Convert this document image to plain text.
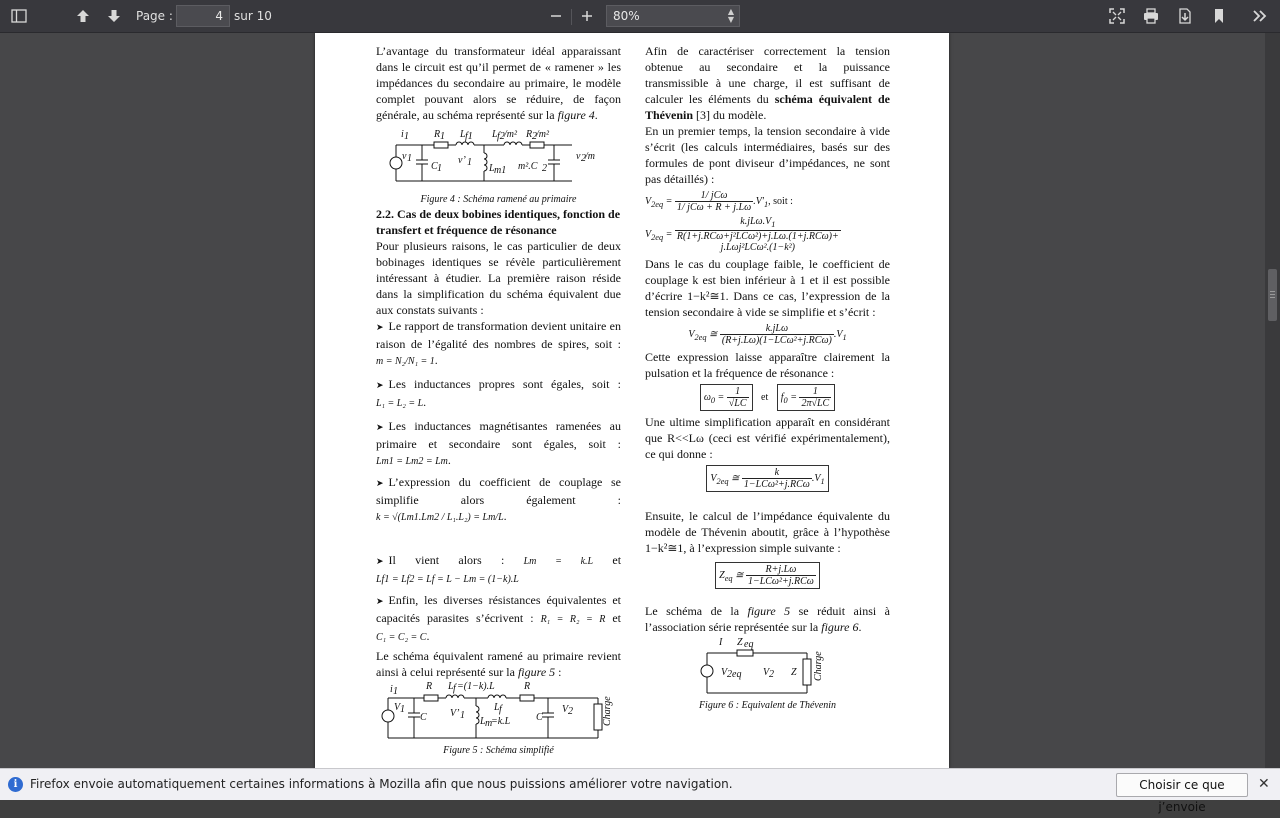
Page :	4 sur 10	80%	▲
▼

L’avantage du transformateur idéal apparaissant dans le circuit est qu’il permet de « ramener » les impédances du secondaire au primaire, le modèle complet pouvant alors se réduire, de façon générale, au schéma représenté sur la figure 4.

i 1
v 1
R 1 L f1
C 1
v’ 1
L m1
L f2 /m² R 2 /m²
m².C 2
v 2 /m

Figure 4 : Schéma ramené au primaire

2.2. Cas de deux bobines identiques, fonction de transfert et fréquence de résonance

Pour plusieurs raisons, le cas particulier de deux bobinages identiques se révèle particulièrement intéressant à étudier. La première raison réside dans la simplification du schéma équivalent due aux constats suivants :

➤ Le rapport de transformation devient unitaire en raison de l’égalité des nombres de spires, soit : m = N₂/N₁ = 1.

➤ Les inductances propres sont égales, soit : L₁ = L₂ = L.

➤ Les inductances magnétisantes ramenées au primaire et secondaire sont égales, soit : Lm1 = Lm2 = Lm.

➤ L’expression du coefficient de couplage se simplifie alors également : k = √(Lm1.Lm2 / L₁.L₂) = Lm/L.

➤ Il vient alors : Lm = k.L et Lf1 = Lf2 = Lf = L − Lm = (1−k).L

➤ Enfin, les diverses résistances équivalentes et capacités parasites s’écrivent : R₁ = R₂ = R et C₁ = C₂ = C.

Le schéma équivalent ramené au primaire revient ainsi à celui représenté sur la figure 5 :

i 1
V 1
R L f =(1−k).L
C V’ 1
L m
=k.L
L f
R
C
V 2	Charge

Figure 5 : Schéma simplifié

Afin de caractériser correctement la tension obtenue au secondaire et la puissance transmissible à une charge, il est suffisant de calculer les éléments du schéma équivalent de Thévenin [3] du modèle.

En un premier temps, la tension secondaire à vide s’écrit (les calculs intermédiaires, basés sur des formules de pont diviseur d’impédances, ne sont pas détaillés) :

$V_{2eq} = \frac{\text{1/ jCω}}{\text{1/ jCω + R + j.Lω}} .V'_1$, soit :
$V_{2eq}$ =
$k.jL\omega.V_1$
R(1+j.RCω+j²LCω²)+j.Lω.(1+j.RCω)+
j.Lωj²LCω².(1−k²)

Dans le cas du couplage faible, le coefficient de couplage k est bien inférieur à 1 et il est possible d’écrire 1−k²≅1. Dans ce cas, l’expression de la tension secondaire à vide se simplifie et s’écrit :

$V_{2eq}$ ≅ $\frac{\text{k.jLω}}{\text{(R+j.Lω)(1−LCω²+j.RCω)}} .V_1$

Cette expression laisse apparaître clairement la pulsation et la fréquence de résonance :

$\omega_0 = \frac{1}{√LC}$ et $f_0 = \frac{1}{2\pi√LC}$

Une ultime simplification apparaît en considérant que R<<Lω (ceci est vérifié expérimentalement), ce qui donne :

$V_{2eq}$ ≅ $\frac{k}{\text{1−LCω²+j.RCω}} .V_1$

Ensuite, le calcul de l’impédance équivalente du modèle de Thévenin aboutit, grâce à l’hypothèse 1−k²≅1, à l’expression simple suivante :

$Z_{eq}$ ≅ $\frac{R+j.L\omega}{\text{1−LCω²+j.RCω}}$

Le schéma de la figure 5 se réduit ainsi à l’association série représentée sur la figure 6.

I Z eq
V 2eq V 2 Z Charge

Figure 6 : Equivalent de Thévenin

i	Firefox envoie automatiquement certaines informations à Mozilla afin que nous puissions améliorer votre navigation.	Choisir ce que j’envoie
✕
